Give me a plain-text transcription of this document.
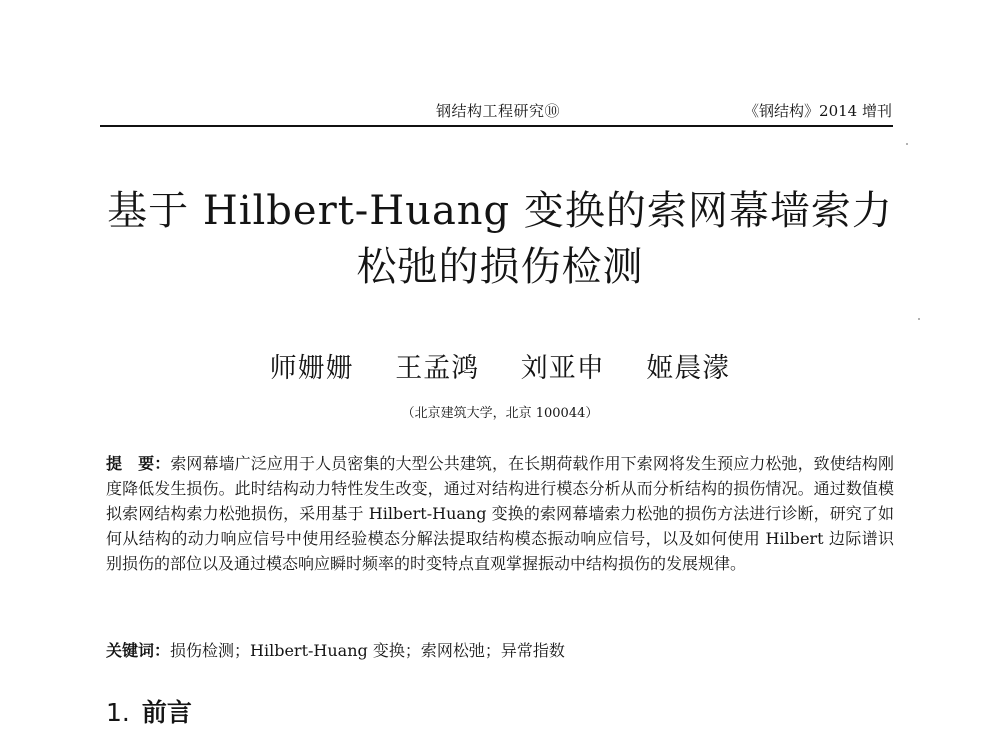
钢结构工程研究⑩	《钢结构》2014 增刊
基于 Hilbert-Huang 变换的索网幕墙索力
松弛的损伤检测
师姗姗 王孟鸿 刘亚申 姬晨濛
（北京建筑大学，北京 100044）
提　要：索网幕墙广泛应用于人员密集的大型公共建筑，在长期荷载作用下索网将发生预应力松弛，致使结构刚度降低发生损伤。此时结构动力特性发生改变，通过对结构进行模态分析从而分析结构的损伤情况。通过数值模拟索网结构索力松弛损伤，采用基于 Hilbert-Huang 变换的索网幕墙索力松弛的损伤方法进行诊断，研究了如何从结构的动力响应信号中使用经验模态分解法提取结构模态振动响应信号，以及如何使用 Hilbert 边际谱识别损伤的部位以及通过模态响应瞬时频率的时变特点直观掌握振动中结构损伤的发展规律。
关键词：损伤检测；Hilbert-Huang 变换；索网松弛；异常指数
1. 前言
